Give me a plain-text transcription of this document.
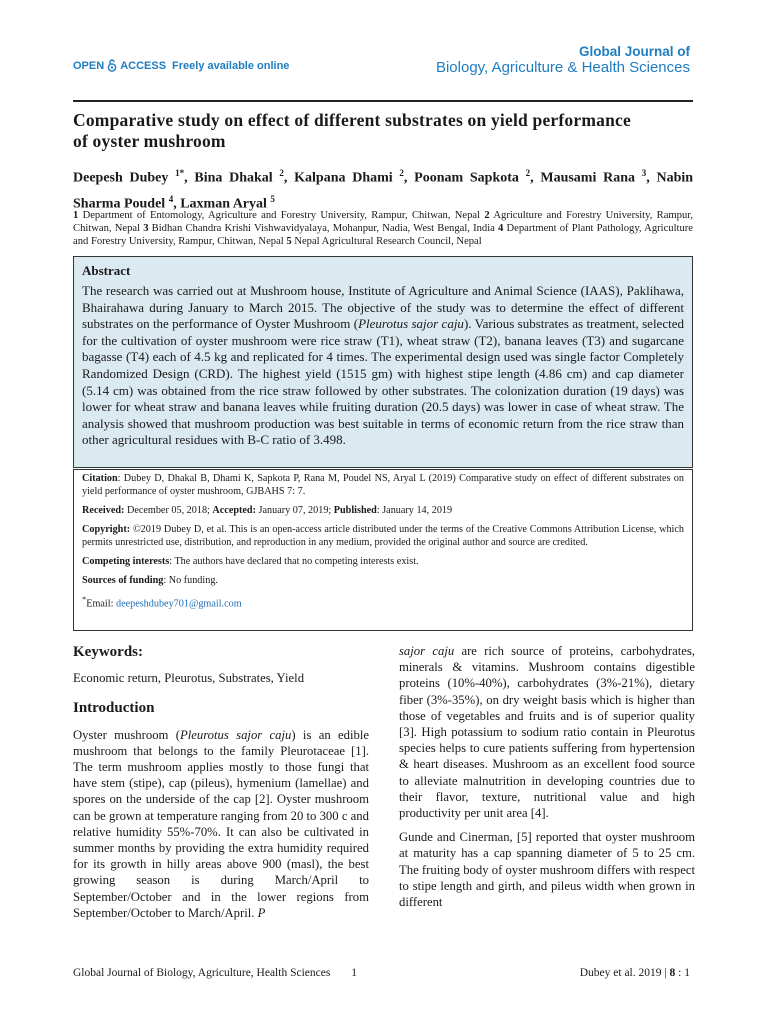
OPEN ACCESS Freely available online
Global Journal of
Biology, Agriculture & Health Sciences
Comparative study on effect of different substrates on yield performance of oyster mushroom
Deepesh Dubey $^{1*}$, Bina Dhakal $^2$, Kalpana Dhami $^2$, Poonam Sapkota $^2$, Mausami Rana $^3$, Nabin Sharma Poudel $^4$, Laxman Aryal $^5$
1 Department of Entomology, Agriculture and Forestry University, Rampur, Chitwan, Nepal 2 Agriculture and Forestry University, Rampur, Chitwan, Nepal 3 Bidhan Chandra Krishi Vishwavidyalaya, Mohanpur, Nadia, West Bengal, India 4 Department of Plant Pathology, Agriculture and Forestry University, Rampur, Chitwan, Nepal 5 Nepal Agricultural Research Council, Nepal
Abstract

The research was carried out at Mushroom house, Institute of Agriculture and Animal Science (IAAS), Paklihawa, Bhairahawa during January to March 2015. The objective of the study was to determine the effect of different substrates on the performance of Oyster Mushroom (Pleurotus sajor caju). Various substrates as treatment, selected for the cultivation of oyster mushroom were rice straw (T1), wheat straw (T2), banana leaves (T3) and sugarcane bagasse (T4) each of 4.5 kg and replicated for 4 times. The experimental design used was single factor Completely Randomized Design (CRD). The highest yield (1515 gm) with highest stipe length (4.86 cm) and cap diameter (5.14 cm) was obtained from the rice straw followed by other substrates. The colonization duration (19 days) was lower for wheat straw and banana leaves while fruiting duration (20.5 days) was lower in case of wheat straw. The analysis showed that mushroom production was best suitable in terms of economic return from the rice straw than other agricultural residues with B-C ratio of 3.498.

Citation: Dubey D, Dhakal B, Dhami K, Sapkota P, Rana M, Poudel NS, Aryal L (2019) Comparative study on effect of different substrates on yield performance of oyster mushroom, GJBAHS 7: 7.

Received: December 05, 2018; Accepted: January 07, 2019; Published: January 14, 2019

Copyright: ©2019 Dubey D, et al. This is an open-access article distributed under the terms of the Creative Commons Attribution License, which permits unrestricted use, distribution, and reproduction in any medium, provided the original author and source are credited.

Competing interests: The authors have declared that no competing interests exist.

Sources of funding: No funding.

*Email: deepeshdubey701@gmail.com

Keywords:

Economic return, Pleurotus, Substrates, Yield

Introduction

Oyster mushroom (Pleurotus sajor caju) is an edible mushroom that belongs to the family Pleurotaceae [1]. The term mushroom applies mostly to those fungi that have stem (stipe), cap (pileus), hymenium (lamellae) and spores on the underside of the cap [2]. Oyster mushroom can be grown at temperature ranging from 20 to 300 c and relative humidity 55%-70%. It can also be cultivated in summer months by providing the extra humidity required for its growth in hilly areas above 900 (masl), the best growing season is during March/April to September/October and in the lower regions from September/October to March/April. P

sajor caju are rich source of proteins, carbohydrates, minerals & vitamins. Mushroom contains digestible proteins (10%-40%), carbohydrates (3%-21%), dietary fiber (3%-35%), on dry weight basis which is higher than those of vegetables and fruits and is of superior quality [3]. High potassium to sodium ratio contain in Pleurotus species helps to cure patients suffering from hypertension & heart diseases. Mushroom as an excellent food source to alleviate malnutrition in developing countries due to their flavor, texture, nutritional value and high productivity per unit area [4].

Gunde and Cinerman, [5] reported that oyster mushroom at maturity has a cap spanning diameter of 5 to 25 cm. The fruiting body of oyster mushroom differs with respect to stipe length and girth, and pileus width when grown in different

Global Journal of Biology, Agriculture, Health Sciences 1	Dubey et al. 2019 | 8 : 1
